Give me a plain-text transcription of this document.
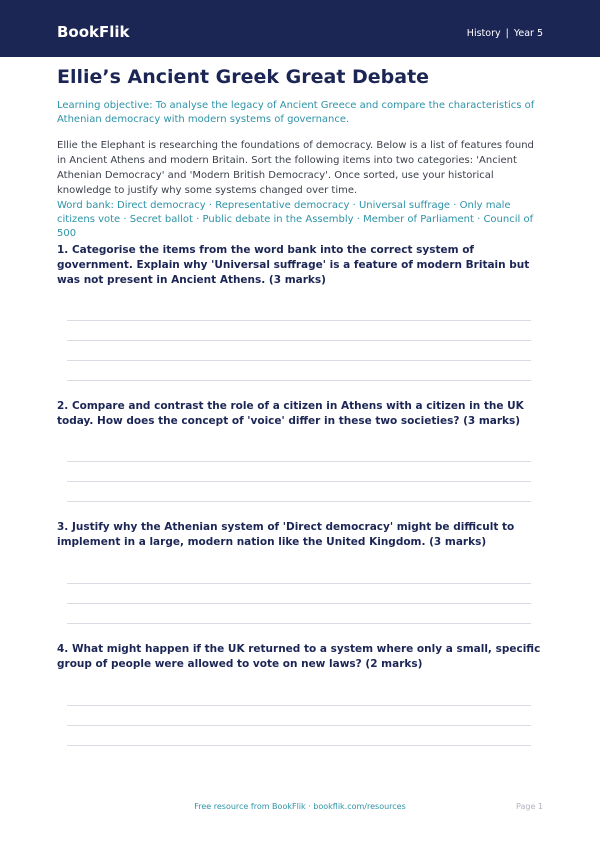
BookFlik	History | Year 5
Ellie’s Ancient Greek Great Debate

Learning objective: To analyse the legacy of Ancient Greece and compare the characteristics of Athenian democracy with modern systems of governance.

Ellie the Elephant is researching the foundations of democracy. Below is a list of features found in Ancient Athens and modern Britain. Sort the following items into two categories: 'Ancient Athenian Democracy' and 'Modern British Democracy'. Once sorted, use your historical knowledge to justify why some systems changed over time.

Word bank: Direct democracy · Representative democracy · Universal suffrage · Only male citizens vote · Secret ballot · Public debate in the Assembly · Member of Parliament · Council of 500

1. Categorise the items from the word bank into the correct system of government. Explain why 'Universal suffrage' is a feature of modern Britain but was not present in Ancient Athens. (3 marks)

2. Compare and contrast the role of a citizen in Athens with a citizen in the UK today. How does the concept of 'voice' differ in these two societies? (3 marks)

3. Justify why the Athenian system of 'Direct democracy' might be difficult to implement in a large, modern nation like the United Kingdom. (3 marks)

4. What might happen if the UK returned to a system where only a small, specific group of people were allowed to vote on new laws? (2 marks)

Free resource from BookFlik · bookflik.com/resources	Page 1
